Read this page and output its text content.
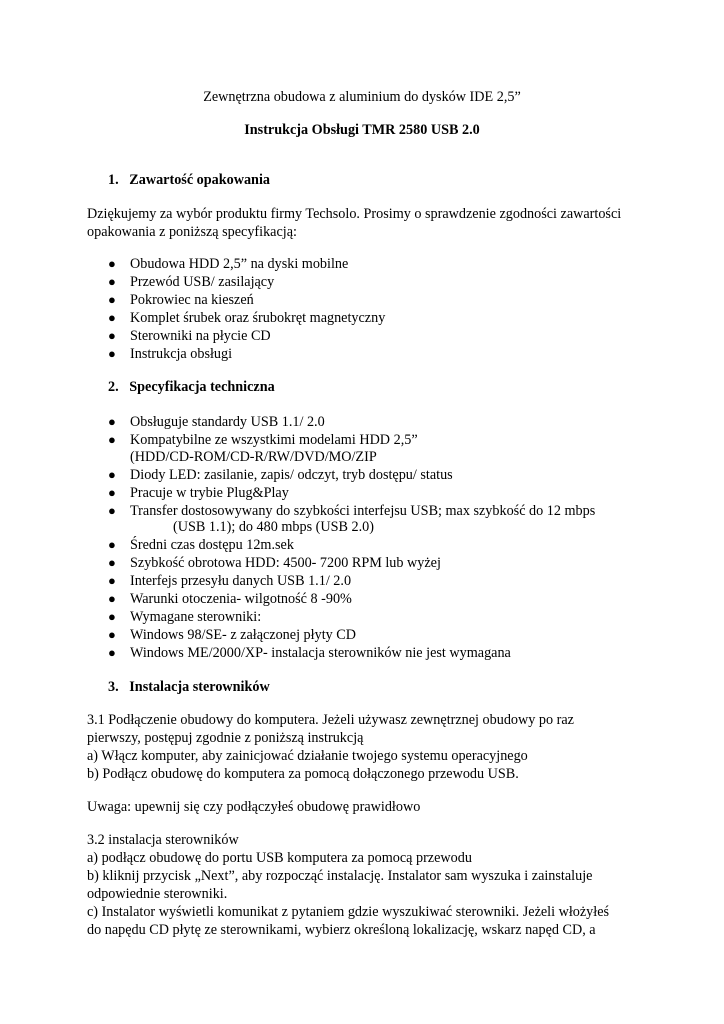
Zewnętrzna obudowa z aluminium do dysków IDE 2,5”

Instrukcja Obsługi TMR 2580 USB 2.0

1.   Zawartość opakowania

Dziękujemy za wybór produktu firmy Techsolo. Prosimy o sprawdzenie zgodności zawartości

opakowania z poniższą specyfikacją:

● Obudowa HDD 2,5” na dyski mobilne

● Przewód USB/ zasilający

● Pokrowiec na kieszeń

● Komplet śrubek oraz śrubokręt magnetyczny

● Sterowniki na płycie CD

● Instrukcja obsługi

2.   Specyfikacja techniczna

● Obsługuje standardy USB 1.1/ 2.0

● Kompatybilne ze wszystkimi modelami HDD 2,5”

(HDD/CD-ROM/CD-R/RW/DVD/MO/ZIP

● Diody LED: zasilanie, zapis/ odczyt, tryb dostępu/ status

● Pracuje w trybie Plug&Play

● Transfer dostosowywany do szybkości interfejsu USB; max szybkość do 12 mbps

(USB 1.1); do 480 mbps (USB 2.0)

● Średni czas dostępu 12m.sek

● Szybkość obrotowa HDD: 4500- 7200 RPM lub wyżej

● Interfejs przesyłu danych USB 1.1/ 2.0

● Warunki otoczenia- wilgotność 8 -90%

● Wymagane sterowniki:

● Windows 98/SE- z załączonej płyty CD

● Windows ME/2000/XP- instalacja sterowników nie jest wymagana

3.   Instalacja sterowników

3.1 Podłączenie obudowy do komputera. Jeżeli używasz zewnętrznej obudowy po raz

pierwszy, postępuj zgodnie z poniższą instrukcją

a) Włącz komputer, aby zainicjować działanie twojego systemu operacyjnego

b) Podłącz obudowę do komputera za pomocą dołączonego przewodu USB.

Uwaga: upewnij się czy podłączyłeś obudowę prawidłowo

3.2 instalacja sterowników

a) podłącz obudowę do portu USB komputera za pomocą przewodu

b) kliknij przycisk „Next”, aby rozpocząć instalację. Instalator sam wyszuka i zainstaluje

odpowiednie sterowniki.

c) Instalator wyświetli komunikat z pytaniem gdzie wyszukiwać sterowniki. Jeżeli włożyłeś

do napędu CD płytę ze sterownikami, wybierz określoną lokalizację, wskarz napęd CD, a
